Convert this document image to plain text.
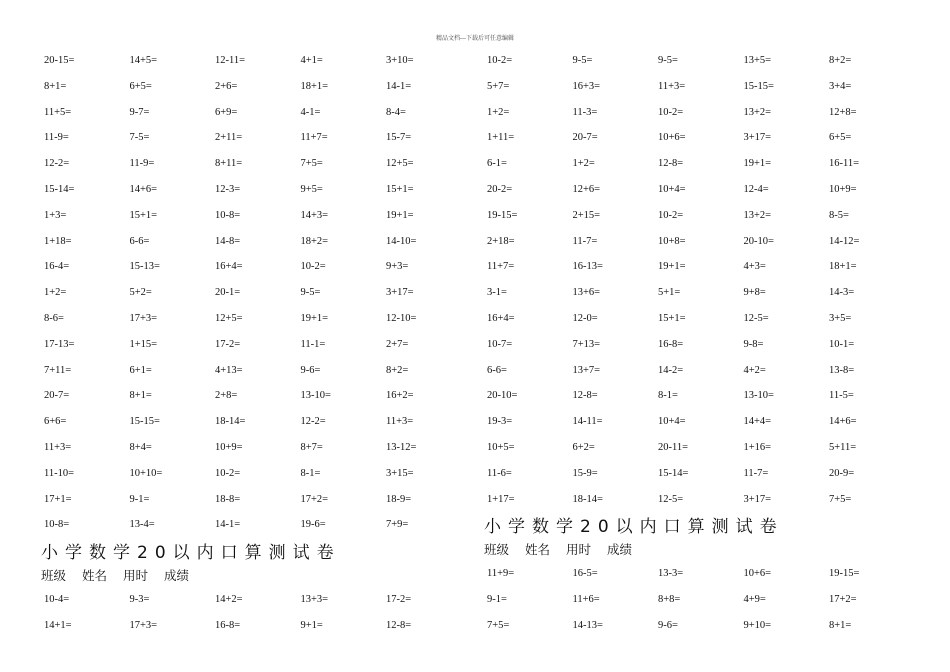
精品文档---下载后可任意编辑
20-15=	14+5=	12-11=	4+1=	3+10=
8+1=	6+5=	2+6=	18+1=	14-1=
11+5=	9-7=	6+9=	4-1=	8-4=
11-9=	7-5=	2+11=	11+7=	15-7=
12-2=	11-9=	8+11=	7+5=	12+5=
15-14=	14+6=	12-3=	9+5=	15+1=
1+3=	15+1=	10-8=	14+3=	19+1=
1+18=	6-6=	14-8=	18+2=	14-10=
16-4=	15-13=	16+4=	10-2=	9+3=
1+2=	5+2=	20-1=	9-5=	3+17=
8-6=	17+3=	12+5=	19+1=	12-10=
17-13=	1+15=	17-2=	11-1=	2+7=
7+11=	6+1=	4+13=	9-6=	8+2=
20-7=	8+1=	2+8=	13-10=	16+2=
6+6=	15-15=	18-14=	12-2=	11+3=
11+3=	8+4=	10+9=	8+7=	13-12=
11-10=	10+10=	10-2=	8-1=	3+15=
17+1=	9-1=	18-8=	17+2=	18-9=
10-8=	13-4=	14-1=	19-6=	7+9=
10-2=	9-5=	9-5=	13+5=	8+2=
5+7=	16+3=	11+3=	15-15=	3+4=
1+2=	11-3=	10-2=	13+2=	12+8=
1+11=	20-7=	10+6=	3+17=	6+5=
6-1=	1+2=	12-8=	19+1=	16-11=
20-2=	12+6=	10+4=	12-4=	10+9=
19-15=	2+15=	10-2=	13+2=	8-5=
2+18=	11-7=	10+8=	20-10=	14-12=
11+7=	16-13=	19+1=	4+3=	18+1=
3-1=	13+6=	5+1=	9+8=	14-3=
16+4=	12-0=	15+1=	12-5=	3+5=
10-7=	7+13=	16-8=	9-8=	10-1=
6-6=	13+7=	14-2=	4+2=	13-8=
20-10=	12-8=	8-1=	13-10=	11-5=
19-3=	14-11=	10+4=	14+4=	14+6=
10+5=	6+2=	20-11=	1+16=	5+11=
11-6=	15-9=	15-14=	11-7=	20-9=
1+17=	18-14=	12-5=	3+17=	7+5=
小学数学20以内口算测试卷
班级 姓名 用时 成绩
小学数学20以内口算测试卷
班级 姓名 用时 成绩
10-4=	9-3=	14+2=	13+3=	17-2=
14+1=	17+3=	16-8=	9+1=	12-8=
11+9=	16-5=	13-3=	10+6=	19-15=
9-1=	11+6=	8+8=	4+9=	17+2=
7+5=	14-13=	9-6=	9+10=	8+1=
